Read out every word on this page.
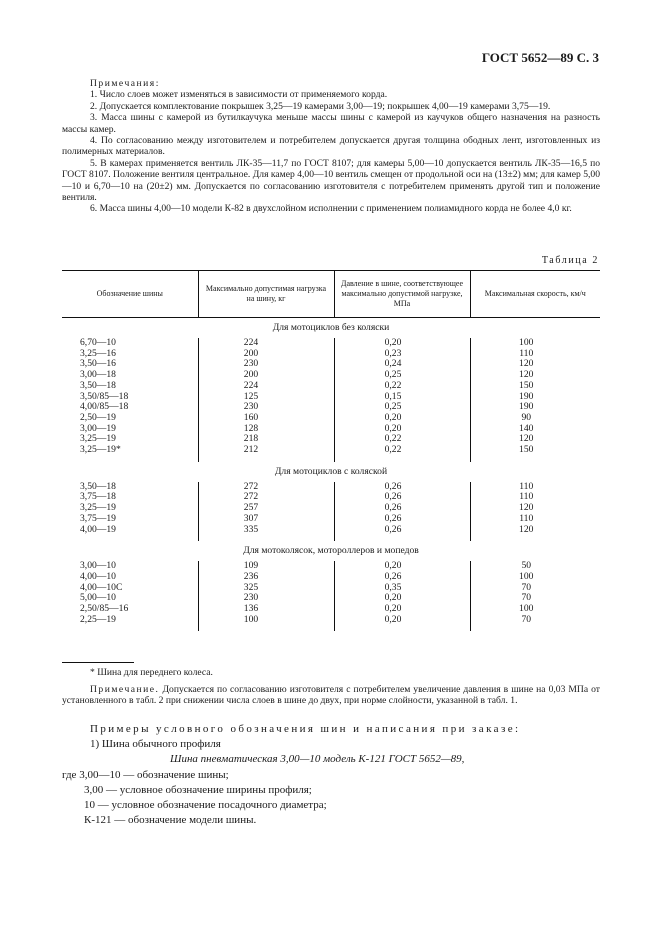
ГОСТ 5652—89 С. 3
Примечания:

1. Число слоев может изменяться в зависимости от применяемого корда.

2. Допускается комплектование покрышек 3,25—19 камерами 3,00—19; покрышек 4,00—19 камерами 3,75—19.

3. Масса шины с камерой из бутилкаучука меньше массы шины с камерой из каучуков общего назначения на разность массы камер.

4. По согласованию между изготовителем и потребителем допускается другая толщина ободных лент, изготовленных из полимерных материалов.

5. В камерах применяется вентиль ЛК-35—11,7 по ГОСТ 8107; для камеры 5,00—10 допускается вентиль ЛК-35—16,5 по ГОСТ 8107. Положение вентиля центральное. Для камер 4,00—10 вентиль смещен от продольной оси на (13±2) мм; для камер 5,00—10 и 6,70—10 на (20±2) мм. Допускается по согласованию изготовителя с потребителем применять другой тип и положение вентиля.

6. Масса шины 4,00—10 модели К-82 в двухслойном исполнении с применением полиамидного корда не более 4,0 кг.

Таблица 2
Обозначение шины	Максимально допустимая нагрузка на шину, кг	Давление в шине, соответствующее максимально допустимой нагрузке, МПа	Максимальная скорость, км/ч
Для мотоциклов без коляски			
6,70—10	224	0,20	100
3,25—16	200	0,23	110
3,50—16	230	0,24	120
3,00—18	200	0,25	120
3,50—18	224	0,22	150
3,50/85—18	125	0,15	190
4,00/85—18	230	0,25	190
2,50—19	160	0,20	90
3,00—19	128	0,20	140
3,25—19	218	0,22	120
3,25—19*	212	0,22	150

Для мотоциклов с коляской			
3,50—18	272	0,26	110
3,75—18	272	0,26	110
3,25—19	257	0,26	120
3,75—19	307	0,26	110
4,00—19	335	0,26	120

Для мотоколясок, мотороллеров и мопедов			
3,00—10	109	0,20	50
4,00—10	236	0,26	100
4,00—10С	325	0,35	70
5,00—10	230	0,20	70
2,50/85—16	136	0,20	100
2,25—19	100	0,20	70

* Шина для переднего колеса.
Примечание. Допускается по согласованию изготовителя с потребителем увеличение давления в шине на 0,03 МПа от установленного в табл. 2 при снижении числа слоев в шине до двух, при норме слойности, указанной в табл. 1.
Примеры условного обозначения шин и написания при заказе:
1) Шина обычного профиля
Шина пневматическая 3,00—10 модель К-121 ГОСТ 5652—89,
где 3,00—10 — обозначение шины;
3,00 — условное обозначение ширины профиля;
10 — условное обозначение посадочного диаметра;
К-121 — обозначение модели шины.
